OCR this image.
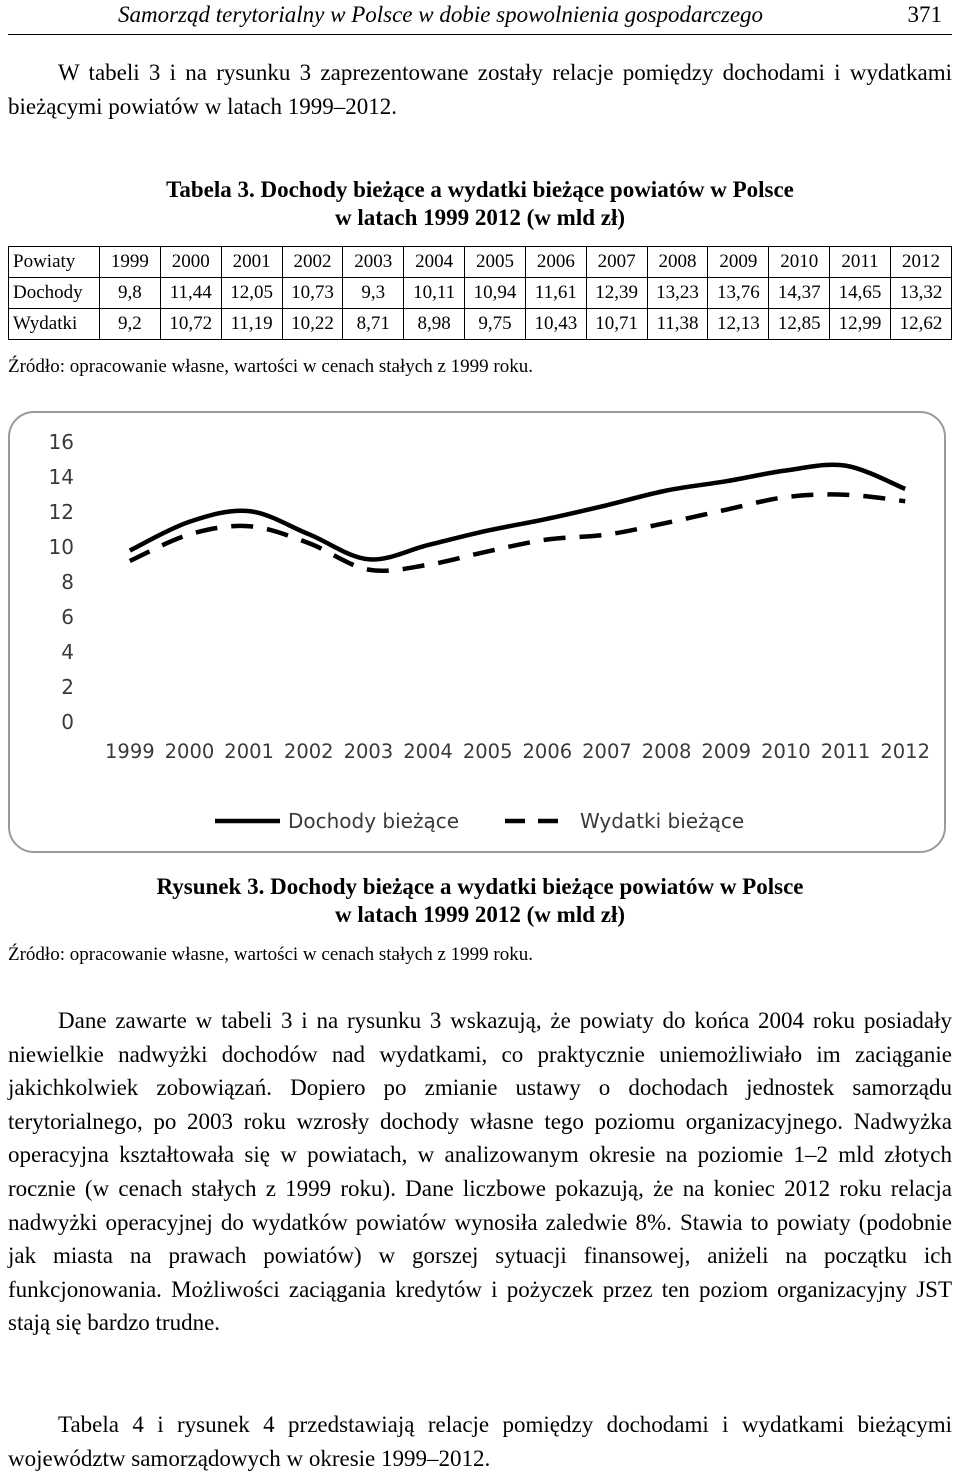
Samorząd terytorialny w Polsce w dobie spowolnienia gospodarczego	371

W tabeli 3 i na rysunku 3 zaprezentowane zostały relacje pomiędzy dochodami i wydatkami bieżącymi powiatów w latach 1999–2012.

Tabela 3. Dochody bieżące a wydatki bieżące powiatów w Polsce
w latach 1999 2012 (w mld zł)
Powiaty	1999	2000	2001	2002	2003	2004	2005	2006	2007	2008	2009	2010	2011	2012
Dochody	9,8	11,44	12,05	10,73	9,3	10,11	10,94	11,61	12,39	13,23	13,76	14,37	14,65	13,32
Wydatki	9,2	10,72	11,19	10,22	8,71	8,98	9,75	10,43	10,71	11,38	12,13	12,85	12,99	12,62
Źródło: opracowanie własne, wartości w cenach stałych z 1999 roku.
0
2
4
6
8
10
12
14
16
1999 2000 2001 2002 2003 2004 2005 2006 2007 2008 2009 2010 2011 2012
Dochody bieżące	Wydatki bieżące
Rysunek 3. Dochody bieżące a wydatki bieżące powiatów w Polsce
w latach 1999 2012 (w mld zł)
Źródło: opracowanie własne, wartości w cenach stałych z 1999 roku.

Dane zawarte w tabeli 3 i na rysunku 3 wskazują, że powiaty do końca 2004 roku posiadały niewielkie nadwyżki dochodów nad wydatkami, co praktycznie uniemożliwiało im zaciąganie jakichkolwiek zobowiązań. Dopiero po zmianie ustawy o dochodach jednostek samorządu terytorialnego, po 2003 roku wzrosły dochody własne tego poziomu organizacyjnego. Nadwyżka operacyjna kształtowała się w powiatach, w analizowanym okresie na poziomie 1–2 mld złotych rocznie (w cenach stałych z 1999 roku). Dane liczbowe pokazują, że na koniec 2012 roku relacja nadwyżki operacyjnej do wydatków powiatów wynosiła zaledwie 8%. Stawia to powiaty (podobnie jak miasta na prawach powiatów) w gorszej sytuacji finansowej, aniżeli na początku ich funkcjonowania. Możliwości zaciągania kredytów i pożyczek przez ten poziom organizacyjny JST stają się bardzo trudne.

Tabela 4 i rysunek 4 przedstawiają relacje pomiędzy dochodami i wydatkami bieżącymi województw samorządowych w okresie 1999–2012.
